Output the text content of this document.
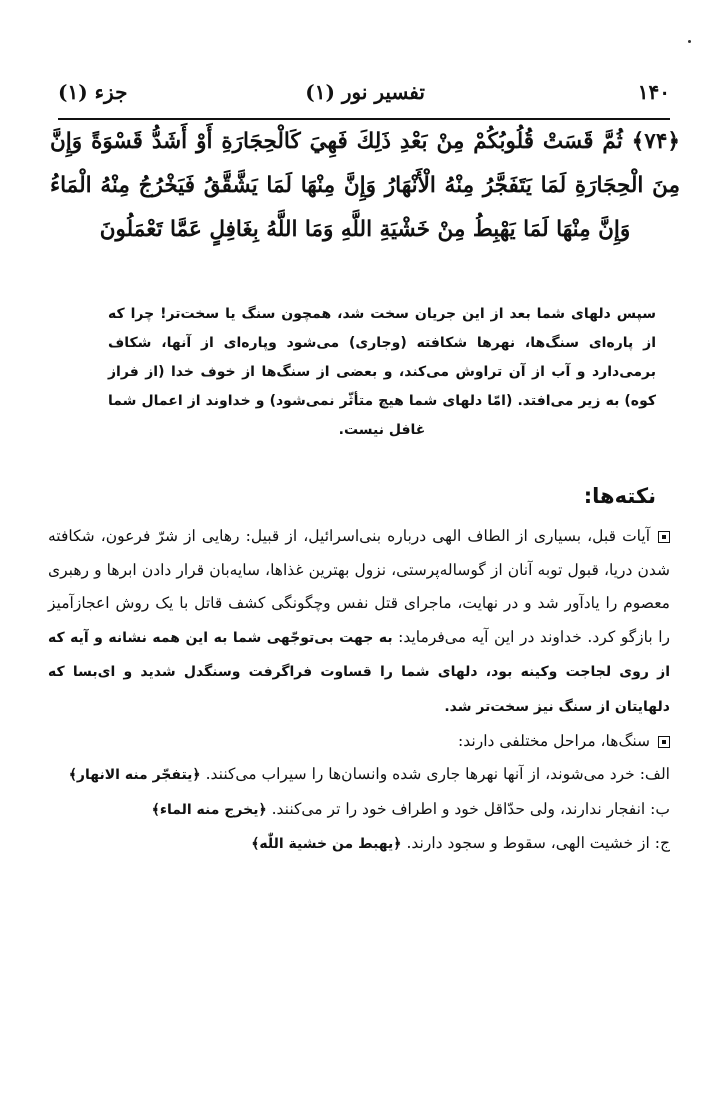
۱۴۰
تفسیر نور (۱)
جزء (۱)
﴿۷۴﴾ ثُمَّ قَسَتْ قُلُوبُكُمْ مِنْ بَعْدِ ذَلِكَ فَهِيَ كَالْحِجَارَةِ أَوْ أَشَدُّ قَسْوَةً وَإِنَّ مِنَ الْحِجَارَةِ لَمَا يَتَفَجَّرُ مِنْهُ الْأَنْهَارُ وَإِنَّ مِنْهَا لَمَا يَشَّقَّقُ فَيَخْرُجُ مِنْهُ الْمَاءُ وَإِنَّ مِنْهَا لَمَا يَهْبِطُ مِنْ خَشْيَةِ اللَّهِ وَمَا اللَّهُ بِغَافِلٍ عَمَّا تَعْمَلُونَ
سپس دلهای شما بعد از این جریان سخت شد، همچون سنگ یا سخت‌تر! چرا که از پاره‌ای سنگ‌ها، نهرها شکافته (وجاری) می‌شود وپاره‌ای از آنها، شکاف برمی‌دارد و آب از آن تراوش می‌کند، و بعضی از سنگ‌ها از خوف خدا (از فراز کوه) به زیر می‌افتد. (امّا دلهای شما هیچ متأثّر نمی‌شود) و خداوند از اعمال شما غافل نیست.
نکته‌ها:

آیات قبل، بسیاری از الطاف الهی درباره بنی‌اسرائیل، از قبیل: رهایی از شرّ فرعون، شکافته شدن دریا، قبول توبه آنان از گوساله‌پرستی، نزول بهترین غذاها، سایه‌بان قرار دادن ابرها و رهبری معصوم را یادآور شد و در نهایت، ماجرای قتل نفس وچگونگی کشف قاتل با یک روش اعجازآمیز را بازگو کرد. خداوند در این آیه می‌فرماید: به جهت بی‌توجّهی شما به این همه نشانه و آیه که از روی لجاجت وکینه بود، دلهای شما را قساوت فراگرفت وسنگدل شدید و ای‌بسا که دلهایتان از سنگ نیز سخت‌تر شد.

سنگ‌ها، مراحل مختلفی دارند:

الف: خرد می‌شوند، از آنها نهرها جاری شده وانسان‌ها را سیراب می‌کنند. ﴿یتفجّر منه الانهار﴾

ب: انفجار ندارند، ولی حدّاقل خود و اطراف خود را تر می‌کنند. ﴿یخرج منه الماء﴾

ج: از خشیت الهی، سقوط و سجود دارند. ﴿یهبط من خشیة اللّٰه﴾
